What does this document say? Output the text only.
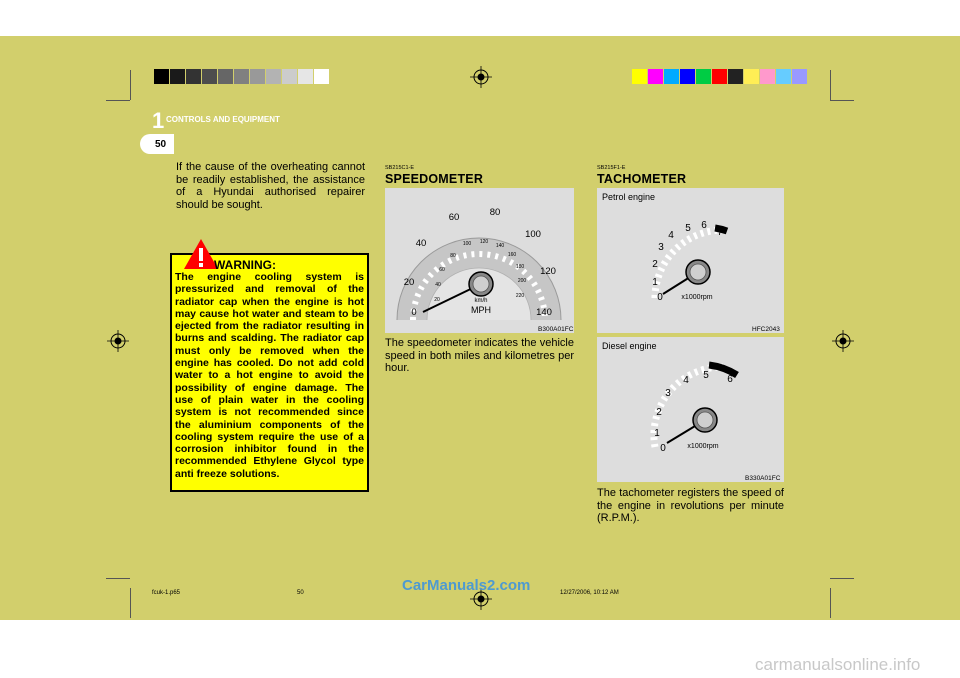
1 CONTROLS AND EQUIPMENT
50
If the cause of the overheating cannot be readily established, the assistance of a Hyundai authorised repairer should be sought.
WARNING:
The engine cooling system is pressurized and removal of the radiator cap when the engine is hot may cause hot water and steam to be ejected from the radiator resulting in burns and scalding. The radiator cap must only be removed when the engine has cooled. Do not add cold water to a hot engine to avoid the possibility of engine damage. The use of plain water in the cooling system is not recommended since the aluminium components of the cooling system require the use of a corrosion inhibitor found in the recommended Ethylene Glycol type anti freeze solutions.
SB215C1-E
SPEEDOMETER
0
20
40
60	80
100
120
140
20
40
60
80
100 120
140
160
180
200
220
km/h
MPH
B300A01FC
The speedometer indicates the vehicle speed in both miles and kilometres per hour.
SB215F1-E
TACHOMETER
Petrol engine
0
1
2
3
4
5 6
7
x1000rpm
HFC2043
Diesel engine
0
1
2
3
4 5 6
x1000rpm
B330A01FC
The tachometer registers the speed of the engine in revolutions per minute (R.P.M.).
fcuk-1.p65	50	12/27/2006, 10:12 AM
CarManuals2.com
carmanualsonline.info
